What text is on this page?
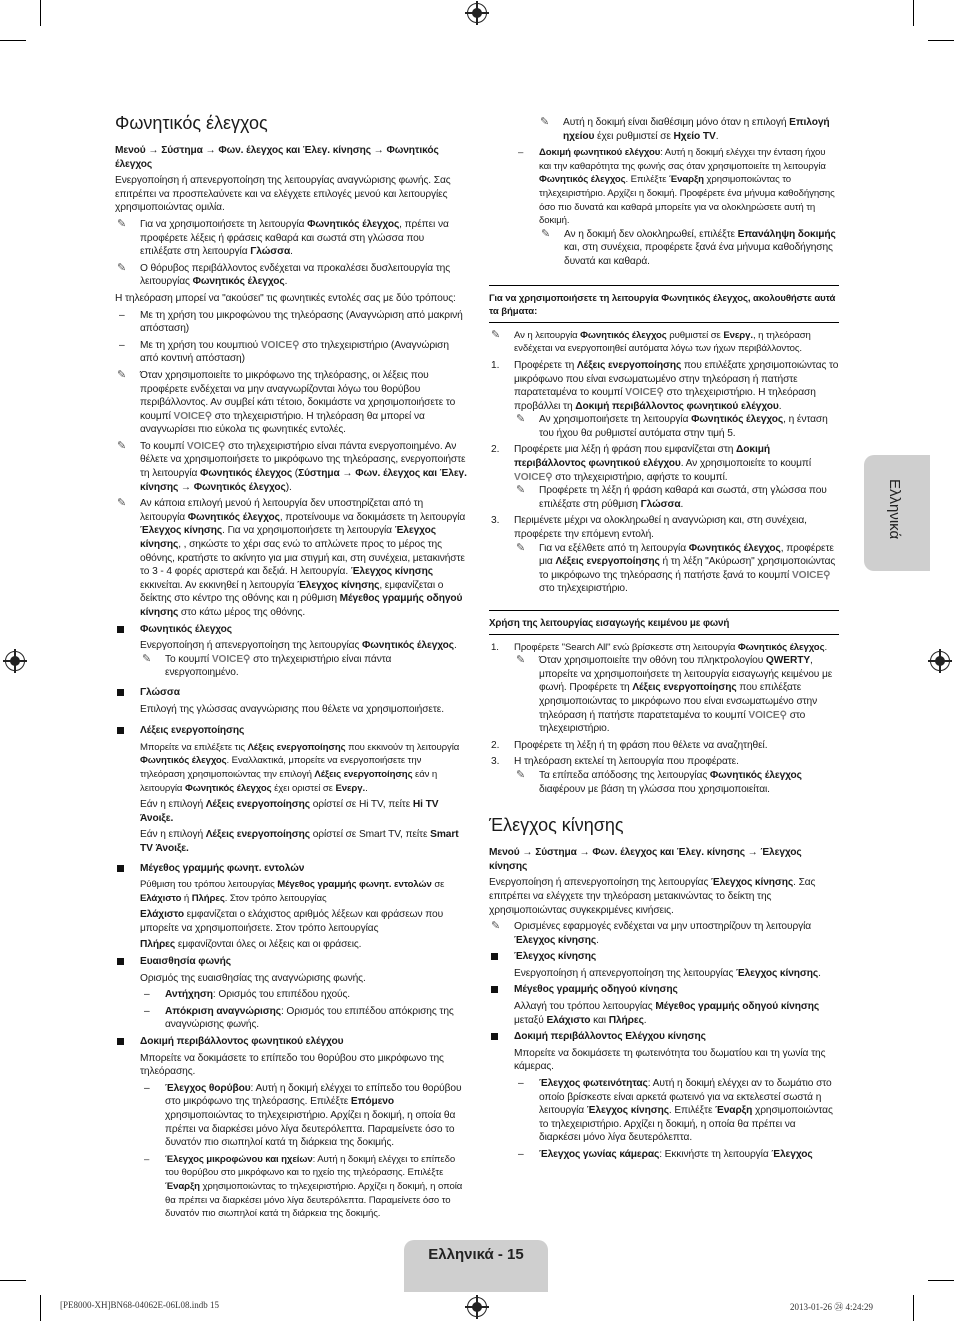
Φωνητικός έλεγχος

Μενού → Σύστημα → Φων. έλεγχος και Έλεγ. κίνησης → Φωνητικός έλεγχος

Ενεργοποίηση ή απενεργοποίηση της λειτουργίας αναγνώρισης φωνής. Σας επιτρέπει να προσπελαύνετε και να ελέγχετε επιλογές μενού και λειτουργίες χρησιμοποιώντας ομιλία.

✎ Για να χρησιμοποιήσετε τη λειτουργία Φωνητικός έλεγχος, πρέπει να προφέρετε λέξεις ή φράσεις καθαρά και σωστά στη γλώσσα που επιλέξατε στη λειτουργία Γλώσσα.
✎ Ο θόρυβος περιβάλλοντος ενδέχεται να προκαλέσει δυσλειτουργία της λειτουργίας Φωνητικός έλεγχος.

Η τηλεόραση μπορεί να "ακούσει" τις φωνητικές εντολές σας με δύο τρόπους:

– Με τη χρήση του μικροφώνου της τηλεόρασης (Αναγνώριση από μακρινή απόσταση)
– Με τη χρήση του κουμπιού VOICE⚲ στο τηλεχειριστήριο (Αναγνώριση από κοντινή απόσταση)
✎ Όταν χρησιμοποιείτε το μικρόφωνο της τηλεόρασης, οι λέξεις που προφέρετε ενδέχεται να μην αναγνωρίζονται λόγω του θορύβου περιβάλλοντος. Αν συμβεί κάτι τέτοιο, δοκιμάστε να χρησιμοποιήσετε το κουμπί VOICE⚲ στο τηλεχειριστήριο. Η τηλεόραση θα μπορεί να αναγνωρίσει πιο εύκολα τις φωνητικές εντολές.
✎ Το κουμπί VOICE⚲ στο τηλεχειριστήριο είναι πάντα ενεργοποιημένο. Αν θέλετε να χρησιμοποιήσετε το μικρόφωνο της τηλεόρασης, ενεργοποιήστε τη λειτουργία Φωνητικός έλεγχος (Σύστημα → Φων. έλεγχος και Έλεγ. κίνησης → Φωνητικός έλεγχος).
✎ Αν κάποια επιλογή μενού ή λειτουργία δεν υποστηρίζεται από τη λειτουργία Φωνητικός έλεγχος, προτείνουμε να δοκιμάσετε τη λειτουργία Έλεγχος κίνησης. Για να χρησιμοποιήσετε τη λειτουργία Έλεγχος κίνησης, , σηκώστε το χέρι σας ενώ το απλώνετε προς το μέρος της οθόνης, κρατήστε το ακίνητο για μια στιγμή και, στη συνέχεια, μετακινήστε το 3 - 4 φορές αριστερά και δεξιά. Η λειτουργία. Έλεγχος κίνησης εκκινείται. Αν εκκινηθεί η λειτουργία Έλεγχος κίνησης, εμφανίζεται ο δείκτης στο κέντρο της οθόνης και η ρύθμιση Μέγεθος γραμμής οδηγού κίνησης στο κάτω μέρος της οθόνης.
Φωνητικός έλεγχος
Ενεργοποίηση ή απενεργοποίηση της λειτουργίας Φωνητικός έλεγχος.
✎ Το κουμπί VOICE⚲ στο τηλεχειριστήριο είναι πάντα ενεργοποιημένο.
Γλώσσα
Επιλογή της γλώσσας αναγνώρισης που θέλετε να χρησιμοποιήσετε.
Λέξεις ενεργοποίησης
Μπορείτε να επιλέξετε τις Λέξεις ενεργοποίησης που εκκινούν τη λειτουργία Φωνητικός έλεγχος. Εναλλακτικά, μπορείτε να ενεργοποιήσετε την τηλεόραση χρησιμοποιώντας την επιλογή Λέξεις ενεργοποίησης εάν η λειτουργία Φωνητικός έλεγχος έχει οριστεί σε Ενεργ..
Εάν η επιλογή Λέξεις ενεργοποίησης ορίστεί σε Hi TV, πείτε Hi TV Άνοιξε.
Εάν η επιλογή Λέξεις ενεργοποίησης ορίστεί σε Smart TV, πείτε Smart TV Άνοιξε.
Μέγεθος γραμμής φωνητ. εντολών
Ρύθμιση του τρόπου λειτουργίας Μέγεθος γραμμής φωνητ. εντολών σε Ελάχιστο ή Πλήρες. Στον τρόπο λειτουργίας
Ελάχιστο εμφανίζεται ο ελάχιστος αριθμός λέξεων και φράσεων που μπορείτε να χρησιμοποιήσετε. Στον τρόπο λειτουργίας
Πλήρες εμφανίζονται όλες οι λέξεις και οι φράσεις.
Ευαισθησία φωνής
Ορισμός της ευαισθησίας της αναγνώρισης φωνής.
– Αντήχηση: Ορισμός του επιπέδου ηχούς.
– Απόκριση αναγνώρισης: Ορισμός του επιπέδου απόκρισης της αναγνώρισης φωνής.
Δοκιμή περιβάλλοντος φωνητικού ελέγχου
Μπορείτε να δοκιμάσετε το επίπεδο του θορύβου στο μικρόφωνο της τηλεόρασης.
– Έλεγχος θορύβου: Αυτή η δοκιμή ελέγχει το επίπεδο του θορύβου στο μικρόφωνο της τηλεόρασης. Επιλέξτε Επόμενο χρησιμοποιώντας το τηλεχειριστήριο. Αρχίζει η δοκιμή, η οποία θα πρέπει να διαρκέσει μόνο λίγα δευτερόλεπτα. Παραμείνετε όσο το δυνατόν πιο σιωπηλοί κατά τη διάρκεια της δοκιμής.
– Έλεγχος μικροφώνου και ηχείων: Αυτή η δοκιμή ελέγχει το επίπεδο του θορύβου στο μικρόφωνο και το ηχείο της τηλεόρασης. Επιλέξτε Έναρξη χρησιμοποιώντας το τηλεχειριστήριο. Αρχίζει η δοκιμή, η οποία θα πρέπει να διαρκέσει μόνο λίγα δευτερόλεπτα. Παραμείνετε όσο το δυνατόν πιο σιωπηλοί κατά τη διάρκεια της δοκιμής.
✎ Αυτή η δοκιμή είναι διαθέσιμη μόνο όταν η επιλογή Επιλογή ηχείου έχει ρυθμιστεί σε Ηχείο TV.
– Δοκιμή φωνητικού ελέγχου: Αυτή η δοκιμή ελέγχει την ένταση ήχου και την καθαρότητα της φωνής σας όταν χρησιμοποιείτε τη λειτουργία Φωνητικός έλεγχος. Επιλέξτε Έναρξη χρησιμοποιώντας το τηλεχειριστήριο. Αρχίζει η δοκιμή. Προφέρετε ένα μήνυμα καθοδήγησης όσο πιο δυνατά και καθαρά μπορείτε για να ολοκληρώσετε αυτή τη δοκιμή.
✎ Αν η δοκιμή δεν ολοκληρωθεί, επιλέξτε Επανάληψη δοκιμής και, στη συνέχεια, προφέρετε ξανά ένα μήνυμα καθοδήγησης δυνατά και καθαρά.

Για να χρησιμοποιήσετε τη λειτουργία Φωνητικός έλεγχος, ακολουθήστε αυτά τα βήματα:

✎ Αν η λειτουργία Φωνητικός έλεγχος ρυθμιστεί σε Ενεργ., η τηλεόραση ενδέχεται να ενεργοποιηθεί αυτόματα λόγω των ήχων περιβάλλοντος.
1. Προφέρετε τη Λέξεις ενεργοποίησης που επιλέξατε χρησιμοποιώντας το μικρόφωνο που είναι ενσωματωμένο στην τηλεόραση ή πατήστε παρατεταμένα το κουμπί VOICE⚲ στο τηλεχειριστήριο. Η τηλεόραση προβάλλει τη Δοκιμή περιβάλλοντος φωνητικού ελέγχου.
✎ Αν χρησιμοποιήσετε τη λειτουργία Φωνητικός έλεγχος, η ένταση του ήχου θα ρυθμιστεί αυτόματα στην τιμή 5.
2. Προφέρετε μια λέξη ή φράση που εμφανίζεται στη Δοκιμή περιβάλλοντος φωνητικού ελέγχου. Αν χρησιμοποιείτε το κουμπί VOICE⚲ στο τηλεχειριστήριο, αφήστε το κουμπί.
✎ Προφέρετε τη λέξη ή φράση καθαρά και σωστά, στη γλώσσα που επιλέξατε στη ρύθμιση Γλώσσα.
3. Περιμένετε μέχρι να ολοκληρωθεί η αναγνώριση και, στη συνέχεια, προφέρετε την επόμενη εντολή.
✎ Για να εξέλθετε από τη λειτουργία Φωνητικός έλεγχος, προφέρετε μια Λέξεις ενεργοποίησης ή τη λέξη "Ακύρωση" χρησιμοποιώντας το μικρόφωνο της τηλεόρασης ή πατήστε ξανά το κουμπί VOICE⚲ στο τηλεχειριστήριο.

Χρήση της λειτουργίας εισαγωγής κειμένου με φωνή

1. Προφέρετε "Search All" ενώ βρίσκεστε στη λειτουργία Φωνητικός έλεγχος.
✎ Όταν χρησιμοποιείτε την οθόνη του πληκτρολογίου QWERTY, μπορείτε να χρησιμοποιήσετε τη λειτουργία εισαγωγής κειμένου με φωνή. Προφέρετε τη Λέξεις ενεργοποίησης που επιλέξατε χρησιμοποιώντας το μικρόφωνο που είναι ενσωματωμένο στην τηλεόραση ή πατήστε παρατεταμένα το κουμπί VOICE⚲ στο τηλεχειριστήριο.
2. Προφέρετε τη λέξη ή τη φράση που θέλετε να αναζητηθεί.
3. Η τηλεόραση εκτελεί τη λειτουργία που προφέρατε.
✎ Τα επίπεδα απόδοσης της λειτουργίας Φωνητικός έλεγχος διαφέρουν με βάση τη γλώσσα που χρησιμοποιείται.
Έλεγχος κίνησης

Μενού → Σύστημα → Φων. έλεγχος και Έλεγ. κίνησης → Έλεγχος κίνησης

Ενεργοποίηση ή απενεργοποίηση της λειτουργίας Έλεγχος κίνησης. Σας επιτρέπει να ελέγχετε την τηλεόραση μετακινώντας το δείκτη της χρησιμοποιώντας συγκεκριμένες κινήσεις.

✎ Ορισμένες εφαρμογές ενδέχεται να μην υποστηρίζουν τη λειτουργία Έλεγχος κίνησης.
Έλεγχος κίνησης
Ενεργοποίηση ή απενεργοποίηση της λειτουργίας Έλεγχος κίνησης.
Μέγεθος γραμμής οδηγού κίνησης
Αλλαγή του τρόπου λειτουργίας Μέγεθος γραμμής οδηγού κίνησης μεταξύ Ελάχιστο και Πλήρες.
Δοκιμή περιβάλλοντος Ελέγχου κίνησης
Μπορείτε να δοκιμάσετε τη φωτεινότητα του δωματίου και τη γωνία της κάμερας.
– Έλεγχος φωτεινότητας: Αυτή η δοκιμή ελέγχει αν το δωμάτιο στο οποίο βρίσκεστε είναι αρκετά φωτεινό για να εκτελεστεί σωστά η λειτουργία Έλεγχος κίνησης. Επιλέξτε Έναρξη χρησιμοποιώντας το τηλεχειριστήριο. Αρχίζει η δοκιμή, η οποία θα πρέπει να διαρκέσει μόνο λίγα δευτερόλεπτα.
– Έλεγχος γωνίας κάμερας: Εκκινήστε τη λειτουργία Έλεγχος
Ελληνικά
Ελληνικά - 15
[PE8000-XH]BN68-04062E-06L08.indb 15	2013-01-26 ㉔ 4:24:29
